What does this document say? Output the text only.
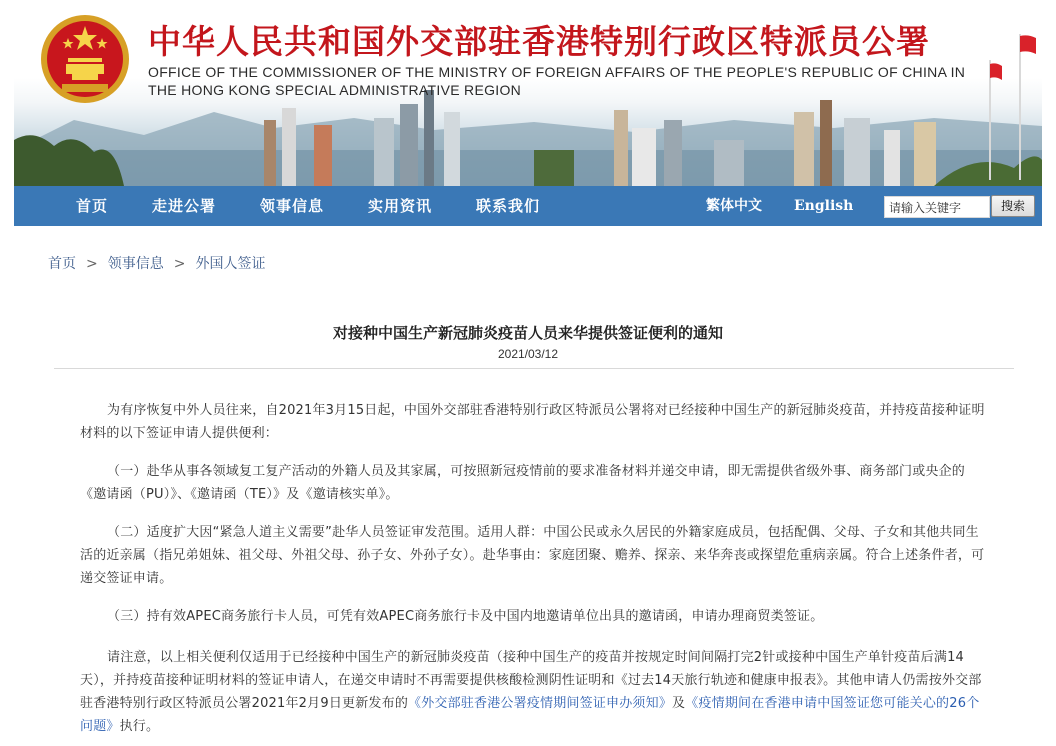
中华人民共和国外交部驻香港特别行政区特派员公署
OFFICE OF THE COMMISSIONER OF THE MINISTRY OF FOREIGN AFFAIRS OF THE PEOPLE'S REPUBLIC OF CHINA IN
THE HONG KONG SPECIAL ADMINISTRATIVE REGION
首页	走进公署	领事信息	实用资讯	联系我们	繁体中文 English
请输入关键字	搜索
首页 > 领事信息 > 外国人签证
对接种中国生产新冠肺炎疫苗人员来华提供签证便利的通知
2021/03/12

为有序恢复中外人员往来，自2021年3月15日起，中国外交部驻香港特别行政区特派员公署将对已经接种中国生产的新冠肺炎疫苗，并持疫苗接种证明材料的以下签证申请人提供便利：

（一）赴华从事各领域复工复产活动的外籍人员及其家属，可按照新冠疫情前的要求准备材料并递交申请，即无需提供省级外事、商务部门或央企的《邀请函（PU）》、《邀请函（TE）》及《邀请核实单》。

（二）适度扩大因“紧急人道主义需要”赴华人员签证审发范围。适用人群：中国公民或永久居民的外籍家庭成员，包括配偶、父母、子女和其他共同生活的近亲属（指兄弟姐妹、祖父母、外祖父母、孙子女、外孙子女）。赴华事由：家庭团聚、赡养、探亲、来华奔丧或探望危重病亲属。符合上述条件者，可递交签证申请。

（三）持有效APEC商务旅行卡人员，可凭有效APEC商务旅行卡及中国内地邀请单位出具的邀请函，申请办理商贸类签证。

请注意，以上相关便利仅适用于已经接种中国生产的新冠肺炎疫苗（接种中国生产的疫苗并按规定时间间隔打完2针或接种中国生产单针疫苗后满14天），并持疫苗接种证明材料的签证申请人，在递交申请时不再需要提供核酸检测阴性证明和《过去14天旅行轨迹和健康申报表》。其他申请人仍需按外交部驻香港特别行政区特派员公署2021年2月9日更新发布的《外交部驻香港公署疫情期间签证申办须知》及《疫情期间在香港申请中国签证您可能关心的26个问题》执行。
